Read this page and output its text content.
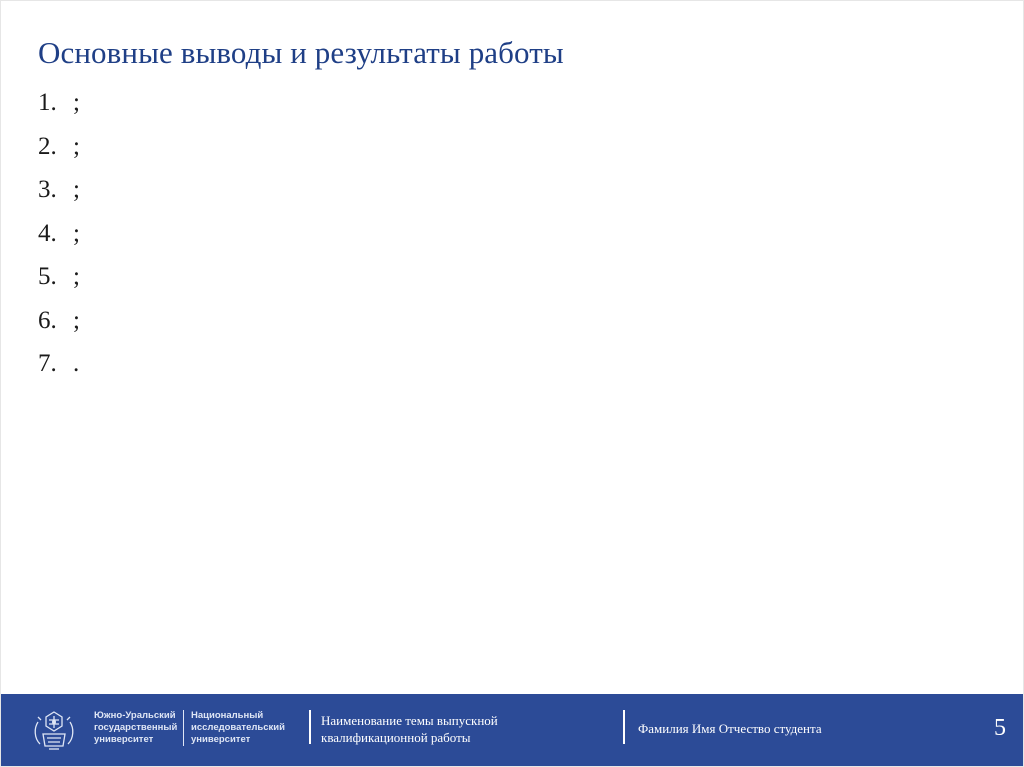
Основные выводы и результаты работы
1. ;
2. ;
3. ;
4. ;
5. ;
6. ;
7. .
Южно-Уральский
государственный
университет
Национальный
исследовательский
университет
Наименование темы выпускной
квалификационной работы
Фамилия Имя Отчество студента	5
